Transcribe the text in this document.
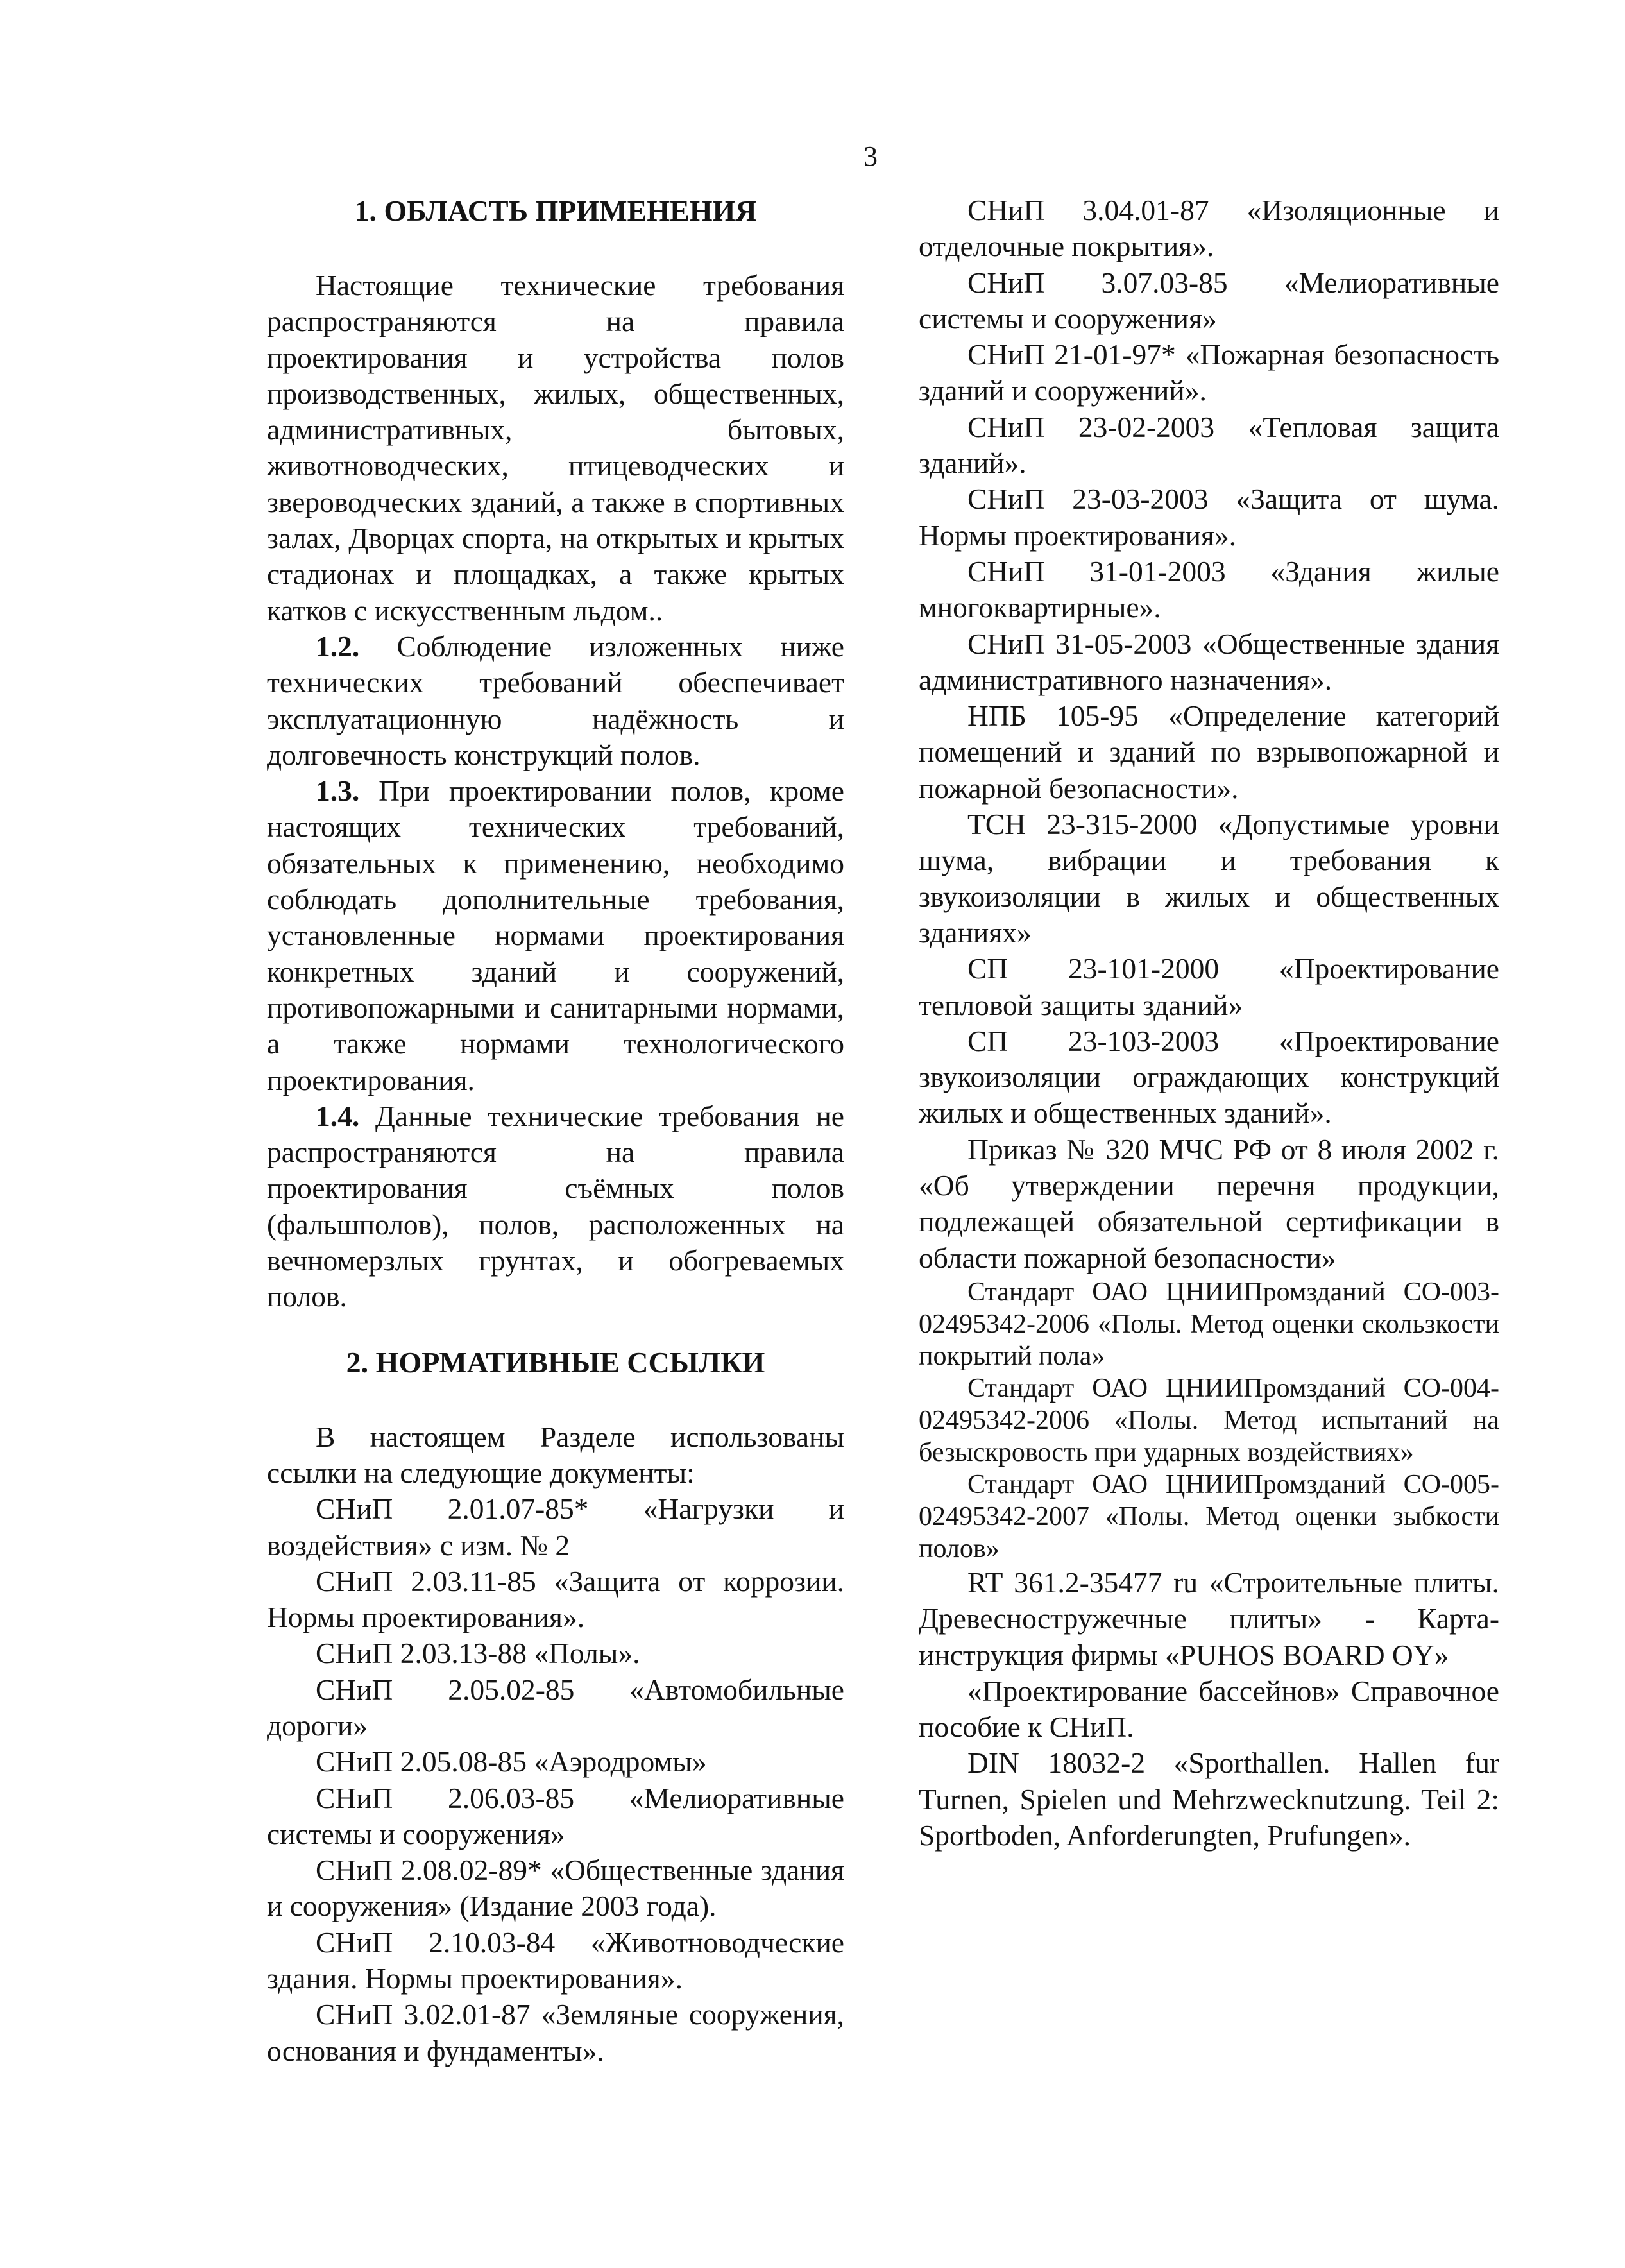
3
1. ОБЛАСТЬ ПРИМЕНЕНИЯ

Настоящие технические требования распространяются на правила проектирования и устройства полов производственных, жилых, общественных, административных, бытовых, животноводческих, птицеводческих и звероводческих зданий, а также в спортивных залах, Дворцах спорта, на открытых и крытых стадионах и площадках, а также крытых катков с искусственным льдом..

1.2. Соблюдение изложенных ниже технических требований обеспечивает эксплуатационную надёжность и долговечность конструкций полов.

1.3. При проектировании полов, кроме настоящих технических требований, обязательных к применению, необходимо соблюдать дополнительные требования, установленные нормами проектирования конкретных зданий и сооружений, противопожарными и санитарными нормами, а также нормами технологического проектирования.

1.4. Данные технические требования не распространяются на правила проектирования съёмных полов (фальшполов), полов, расположенных на вечномерзлых грунтах, и обогреваемых полов.

2. НОРМАТИВНЫЕ ССЫЛКИ

В настоящем Разделе использованы ссылки на следующие документы:

СНиП 2.01.07-85* «Нагрузки и воздействия» с изм. № 2

СНиП 2.03.11-85 «Защита от коррозии. Нормы проектирования».

СНиП 2.03.13-88 «Полы».

СНиП 2.05.02-85 «Автомобильные дороги»

СНиП 2.05.08-85 «Аэродромы»

СНиП 2.06.03-85 «Мелиоративные системы и сооружения»

СНиП 2.08.02-89* «Общественные здания и сооружения» (Издание 2003 года).

СНиП 2.10.03-84 «Животноводческие здания. Нормы проектирования».

СНиП 3.02.01-87 «Земляные сооружения, основания и фундаменты».

СНиП 3.04.01-87 «Изоляционные и отделочные покрытия».

СНиП 3.07.03-85 «Мелиоративные системы и сооружения»

СНиП 21-01-97* «Пожарная безопасность зданий и сооружений».

СНиП 23-02-2003 «Тепловая защита зданий».

СНиП 23-03-2003 «Защита от шума. Нормы проектирования».

СНиП 31-01-2003 «Здания жилые многоквартирные».

СНиП 31-05-2003 «Общественные здания административного назначения».

НПБ 105-95 «Определение категорий помещений и зданий по взрывопожарной и пожарной безопасности».

ТСН 23-315-2000 «Допустимые уровни шума, вибрации и требования к звукоизоляции в жилых и общественных зданиях»

СП 23-101-2000 «Проектирование тепловой защиты зданий»

СП 23-103-2003 «Проектирование звукоизоляции ограждающих конструкций жилых и общественных зданий».

Приказ № 320 МЧС РФ от 8 июля 2002 г. «Об утверждении перечня продукции, подлежащей обязательной сертификации в области пожарной безопасности»

Стандарт ОАО ЦНИИПромзданий СО-003-02495342-2006 «Полы. Метод оценки скользкости покрытий пола»

Стандарт ОАО ЦНИИПромзданий СО-004-02495342-2006 «Полы. Метод испытаний на безыскровость при ударных воздействиях»

Стандарт ОАО ЦНИИПромзданий СО-005-02495342-2007 «Полы. Метод оценки зыбкости полов»

RT 361.2-35477 ru «Строительные плиты. Древесностружечные плиты» - Карта-инструкция фирмы «PUHOS BOARD OY»

«Проектирование бассейнов» Справочное пособие к СНиП.

DIN 18032-2 «Sporthallen. Hallen fur Turnen, Spielen und Mehrzwecknutzung. Teil 2: Sportboden, Anforderungten, Prufungen».
